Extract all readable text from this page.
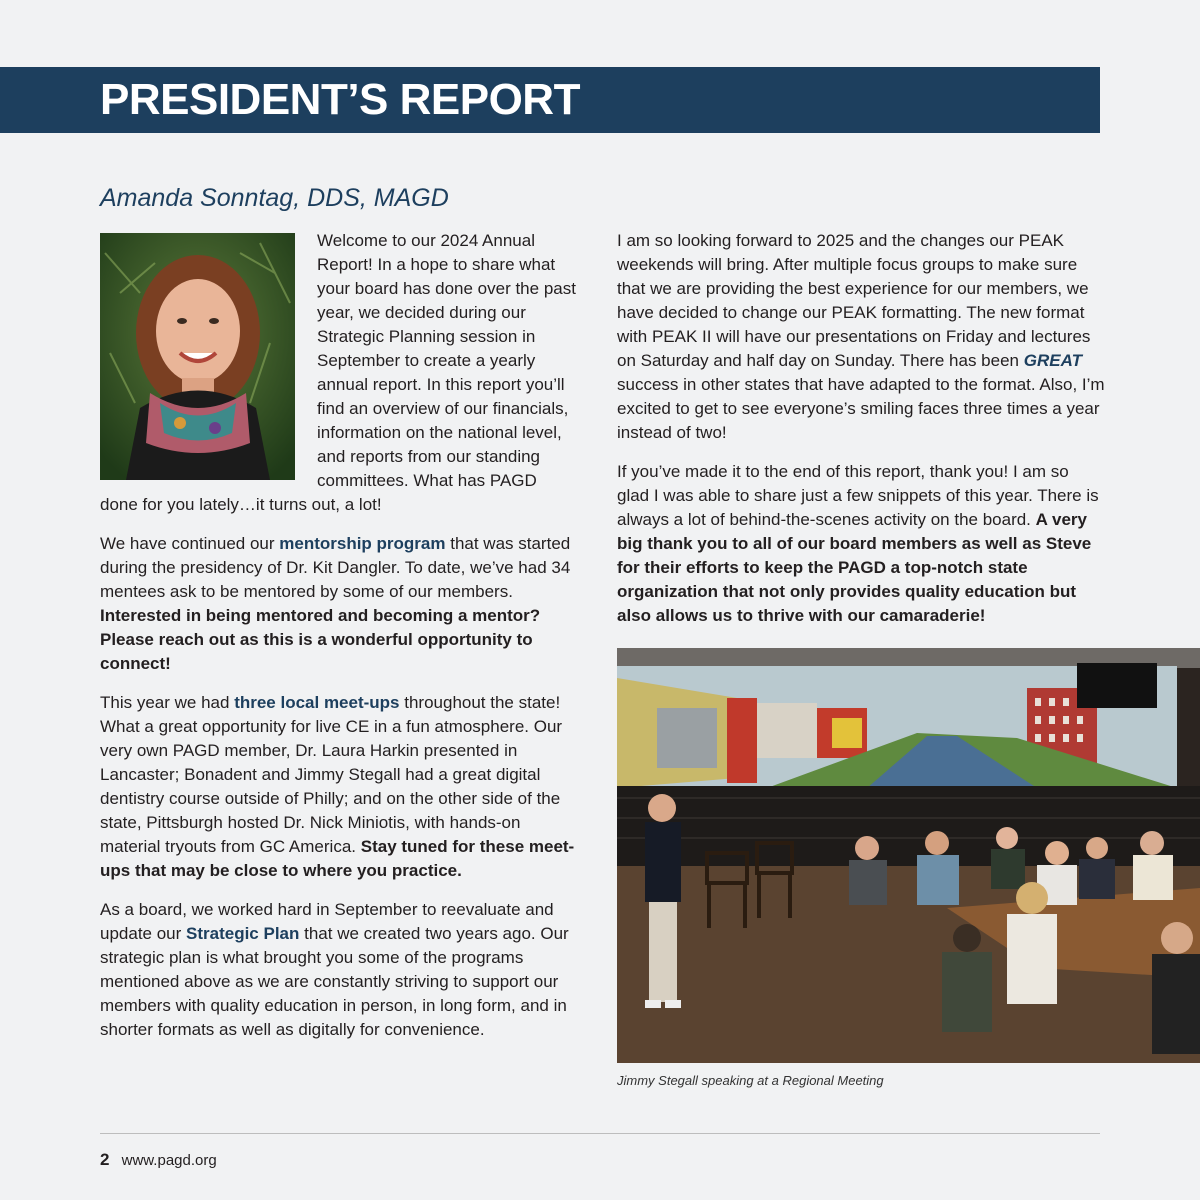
PRESIDENT’S REPORT
Amanda Sonntag, DDS, MAGD

Welcome to our 2024 Annual Report! In a hope to share what your board has done over the past year, we decided during our Strategic Planning session in September to create a yearly annual report. In this report you’ll find an overview of our financials, information on the national level, and reports from our standing committees. What has PAGD done for you lately…it turns out, a lot!

We have continued our mentorship program that was started during the presidency of Dr. Kit Dangler. To date, we’ve had 34 mentees ask to be mentored by some of our members. Interested in being mentored and becoming a mentor? Please reach out as this is a wonderful opportunity to connect!

This year we had three local meet-ups throughout the state! What a great opportunity for live CE in a fun atmosphere. Our very own PAGD member, Dr. Laura Harkin presented in Lancaster; Bonadent and Jimmy Stegall had a great digital dentistry course outside of Philly; and on the other side of the state, Pittsburgh hosted Dr. Nick Miniotis, with hands-on material tryouts from GC America. Stay tuned for these meet-ups that may be close to where you practice.

As a board, we worked hard in September to reevaluate and update our Strategic Plan that we created two years ago. Our strategic plan is what brought you some of the programs mentioned above as we are constantly striving to support our members with quality education in person, in long form, and in shorter formats as well as digitally for convenience.

I am so looking forward to 2025 and the changes our PEAK weekends will bring. After multiple focus groups to make sure that we are providing the best experience for our members, we have decided to change our PEAK formatting. The new format with PEAK II will have our presentations on Friday and lectures on Saturday and half day on Sunday. There has been GREAT success in other states that have adapted to the format. Also, I’m excited to get to see everyone’s smiling faces three times a year instead of two!

If you’ve made it to the end of this report, thank you! I am so glad I was able to share just a few snippets of this year. There is always a lot of behind-the-scenes activity on the board. A very big thank you to all of our board members as well as Steve for their efforts to keep the PAGD a top-notch state organization that not only provides quality education but also allows us to thrive with our camaraderie!

Jimmy Stegall speaking at a Regional Meeting
2 www.pagd.org
